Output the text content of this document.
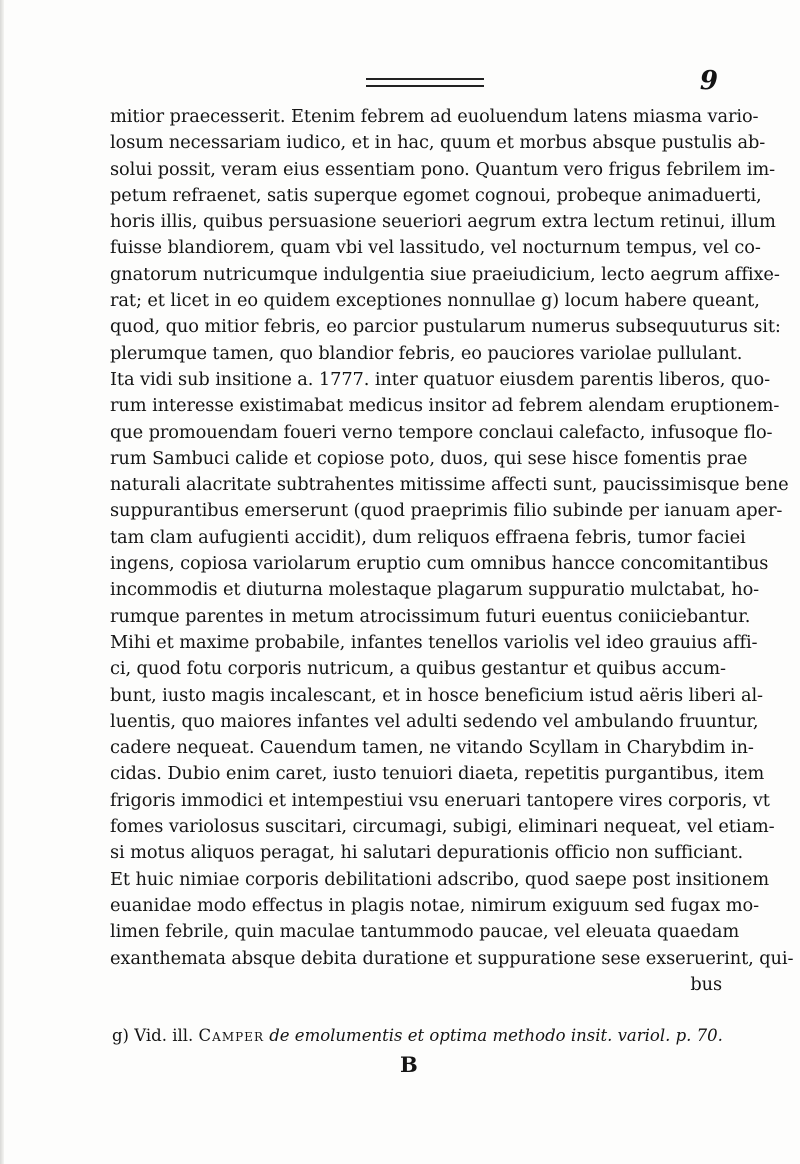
9
mitior praecesserit. Etenim febrem ad euoluendum latens miasma vario-
losum necessariam iudico, et in hac, quum et morbus absque pustulis ab-
solui possit, veram eius essentiam pono. Quantum vero frigus febrilem im-
petum refraenet, satis superque egomet cognoui, probeque animaduerti,
horis illis, quibus persuasione seueriori aegrum extra lectum retinui, illum
fuisse blandiorem, quam vbi vel lassitudo, vel nocturnum tempus, vel co-
gnatorum nutricumque indulgentia siue praeiudicium, lecto aegrum affixe-
rat; et licet in eo quidem exceptiones nonnullae g) locum habere queant,
quod, quo mitior febris, eo parcior pustularum numerus subsequuturus sit:
plerumque tamen, quo blandior febris, eo pauciores variolae pullulant.
Ita vidi sub insitione a. 1777. inter quatuor eiusdem parentis liberos, quo-
rum interesse existimabat medicus insitor ad febrem alendam eruptionem-
que promouendam foueri verno tempore conclaui calefacto, infusoque flo-
rum Sambuci calide et copiose poto, duos, qui sese hisce fomentis prae
naturali alacritate subtrahentes mitissime affecti sunt, paucissimisque bene
suppurantibus emerserunt (quod praeprimis filio subinde per ianuam aper-
tam clam aufugienti accidit), dum reliquos effraena febris, tumor faciei
ingens, copiosa variolarum eruptio cum omnibus hancce concomitantibus
incommodis et diuturna molestaque plagarum suppuratio mulctabat, ho-
rumque parentes in metum atrocissimum futuri euentus coniiciebantur.
Mihi et maxime probabile, infantes tenellos variolis vel ideo grauius affi-
ci, quod fotu corporis nutricum, a quibus gestantur et quibus accum-
bunt, iusto magis incalescant, et in hosce beneficium istud aëris liberi al-
luentis, quo maiores infantes vel adulti sedendo vel ambulando fruuntur,
cadere nequeat. Cauendum tamen, ne vitando Scyllam in Charybdim in-
cidas. Dubio enim caret, iusto tenuiori diaeta, repetitis purgantibus, item
frigoris immodici et intempestiui vsu eneruari tantopere vires corporis, vt
fomes variolosus suscitari, circumagi, subigi, eliminari nequeat, vel etiam-
si motus aliquos peragat, hi salutari depurationis officio non sufficiant.
Et huic nimiae corporis debilitationi adscribo, quod saepe post insitionem
euanidae modo effectus in plagis notae, nimirum exiguum sed fugax mo-
limen febrile, quin maculae tantummodo paucae, vel eleuata quaedam
exanthemata absque debita duratione et suppuratione sese exseruerint, qui-
bus
g) Vid. ill. Camper de emolumentis et optima methodo insit. variol. p. 70.
B
